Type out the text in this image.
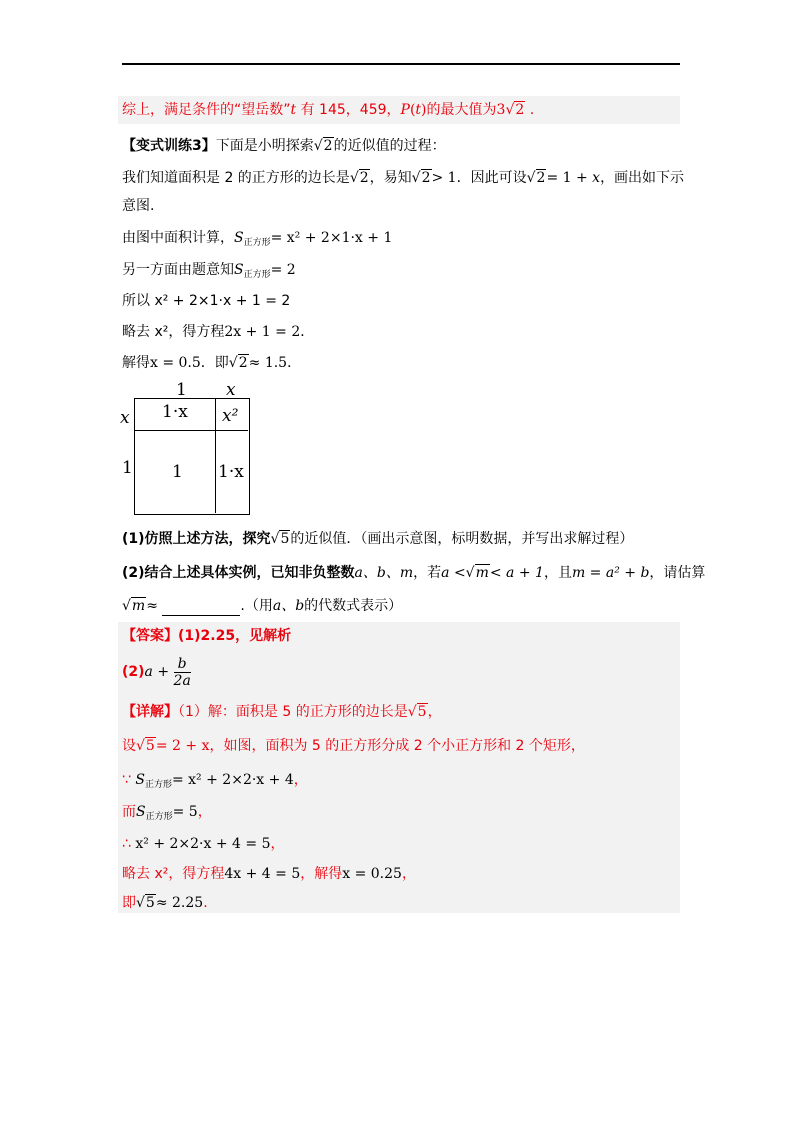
综上，满足条件的“望岳数”t 有 145，459，P(t)的最大值为3√2 .
【变式训练3】下面是小明探索√2的近似值的过程：
我们知道面积是 2 的正方形的边长是√2，易知√2> 1．因此可设√2= 1 + x，画出如下示
意图.
由图中面积计算，$S_{正方形}= x^2 + 2\times 1\cdot x + 1$
另一方面由题意知$S_{正方形}= 2$
所以 x² + 2×1·x + 1 = 2
略去 x²，得方程2x + 1 = 2．
解得x = 0.5．即√2≈ 1.5．
1 x
x
1
1·x x²
1 1·x
(1)仿照上述方法，探究√5的近似值．（画出示意图，标明数据，并写出求解过程）
(2)结合上述具体实例，已知非负整数a、b、m，若a <√m< a + 1，且m = a² + b，请估算
√m≈	.（用a、b的代数式表示）
【答案】(1)2.25，见解析
$(2)a + \frac{b}{2a}$
【详解】（1）解：面积是 5 的正方形的边长是√5，
设√5= 2 + x，如图，面积为 5 的正方形分成 2 个小正方形和 2 个矩形，
∵ $S_{正方形}= x^2 + 2\times 2\cdot x + 4$，
而$S_{正方形}= 5$，
∴ x² + 2×2·x + 4 = 5，
略去 x²，得方程4x + 4 = 5，解得x = 0.25，
即√5≈ 2.25.
